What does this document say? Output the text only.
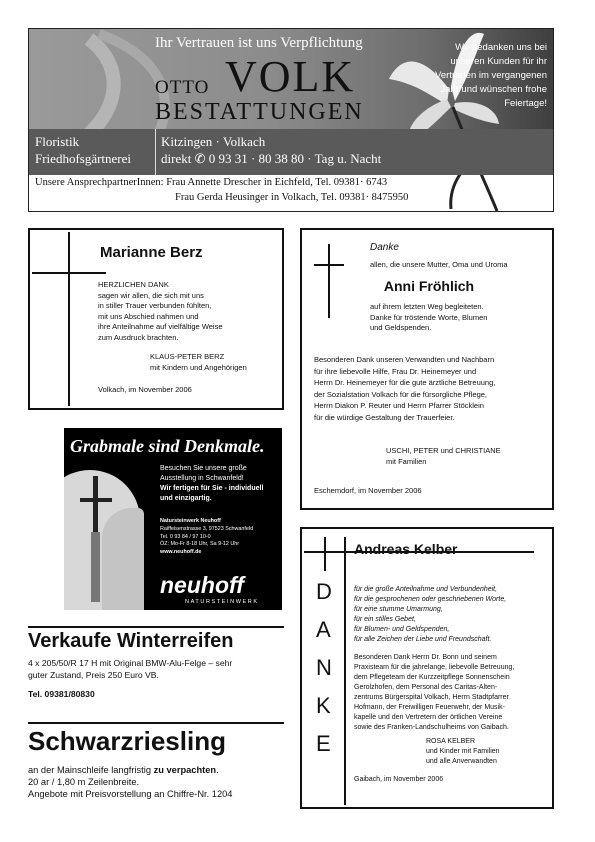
Ihr Vertrauen ist uns Verpflichtung
OTTO VOLK
BESTATTUNGEN
Wir bedanken uns bei unseren Kunden für ihr Vertrauen im vergangenen Jahr und wünschen frohe Feiertage!
Floristik
Friedhofsgärtnerei
Kitzingen · Volkach
direkt ✆ 0 93 31 · 80 38 80 · Tag u. Nacht
Unsere AnsprechpartnerInnen: Frau Annette Drescher in Eichfeld, Tel. 09381· 6743
Frau Gerda Heusinger in Volkach, Tel. 09381· 8475950
Marianne Berz
HERZLICHEN DANK
sagen wir allen, die sich mit uns
in stiller Trauer verbunden fühlten,
mit uns Abschied nahmen und
ihre Anteilnahme auf vielfältige Weise
zum Ausdruck brachten.
KLAUS-PETER BERZ
mit Kindern und Angehörigen
Volkach, im November 2006
Danke
allen, die unsere Mutter, Oma und Uroma
Anni Fröhlich
auf ihrem letzten Weg begleiteten.
Danke für tröstende Worte, Blumen
und Geldspenden.
Besonderen Dank unseren Verwandten und Nachbarn
für ihre liebevolle Hilfe, Frau Dr. Heinemeyer und
Herrn Dr. Heinemeyer für die gute ärztliche Betreuung,
der Sozialstation Volkach für die fürsorgliche Pflege,
Herrn Diakon P. Reuter und Herrn Pfarrer Stöcklein
für die würdige Gestaltung der Trauerfeier.
USCHI, PETER und CHRISTIANE
mit Familien
Eschemdorf, im November 2006
Grabmale sind Denkmale.
Besuchen Sie unsere große
Ausstellung in Schwanfeld!
Wir fertigen für Sie - individuell
und einzigartig.
Natursteinwerk Neuhoff
Raiffeisenstrasse 3, 97523 Schwanfeld
Tel. 0 93 84 / 97 10-0
ÖZ: Mo-Fr 8-18 Uhr, Sa 9-12 Uhr
www.neuhoff.de
neuhoff
NATURSTEINWERK
Verkaufe Winterreifen
4 x 205/50/R 17 H mit Original BMW-Alu-Felge – sehr
guter Zustand, Preis 250 Euro VB.
Tel. 09381/80830
Schwarzriesling
an der Mainschleife langfristig zu verpachten.
20 ar / 1,80 m Zeilenbreite.
Angebote mit Preisvorstellung an Chiffre-Nr. 1204
Andreas Kelber
D
A
N
K
E
für die große Anteilnahme und Verbundenheit,
für die gesprochenen oder geschriebenen Worte,
für eine stumme Umarmung,
für ein stilles Gebet,
für Blumen- und Geldspenden,
für alle Zeichen der Liebe und Freundschaft.
Besonderen Dank Herrn Dr. Bonn und seinem
Praxisteam für die jahrelange, liebevolle Betreuung,
dem Pflegeteam der Kurzzeitpflege Sonnenschein
Gerolzhofen, dem Personal des Caritas-Alten-
zentrums Bürgerspital Volkach, Herrn Stadtpfarrer
Hofmann, der Freiwilligen Feuerwehr, der Musik-
kapelle und den Vertretern der örtlichen Vereine
sowie des Franken-Landschulheims von Gaibach.
ROSA KELBER
und Kinder mit Familien
und alle Anverwandten
Gaibach, im November 2006
